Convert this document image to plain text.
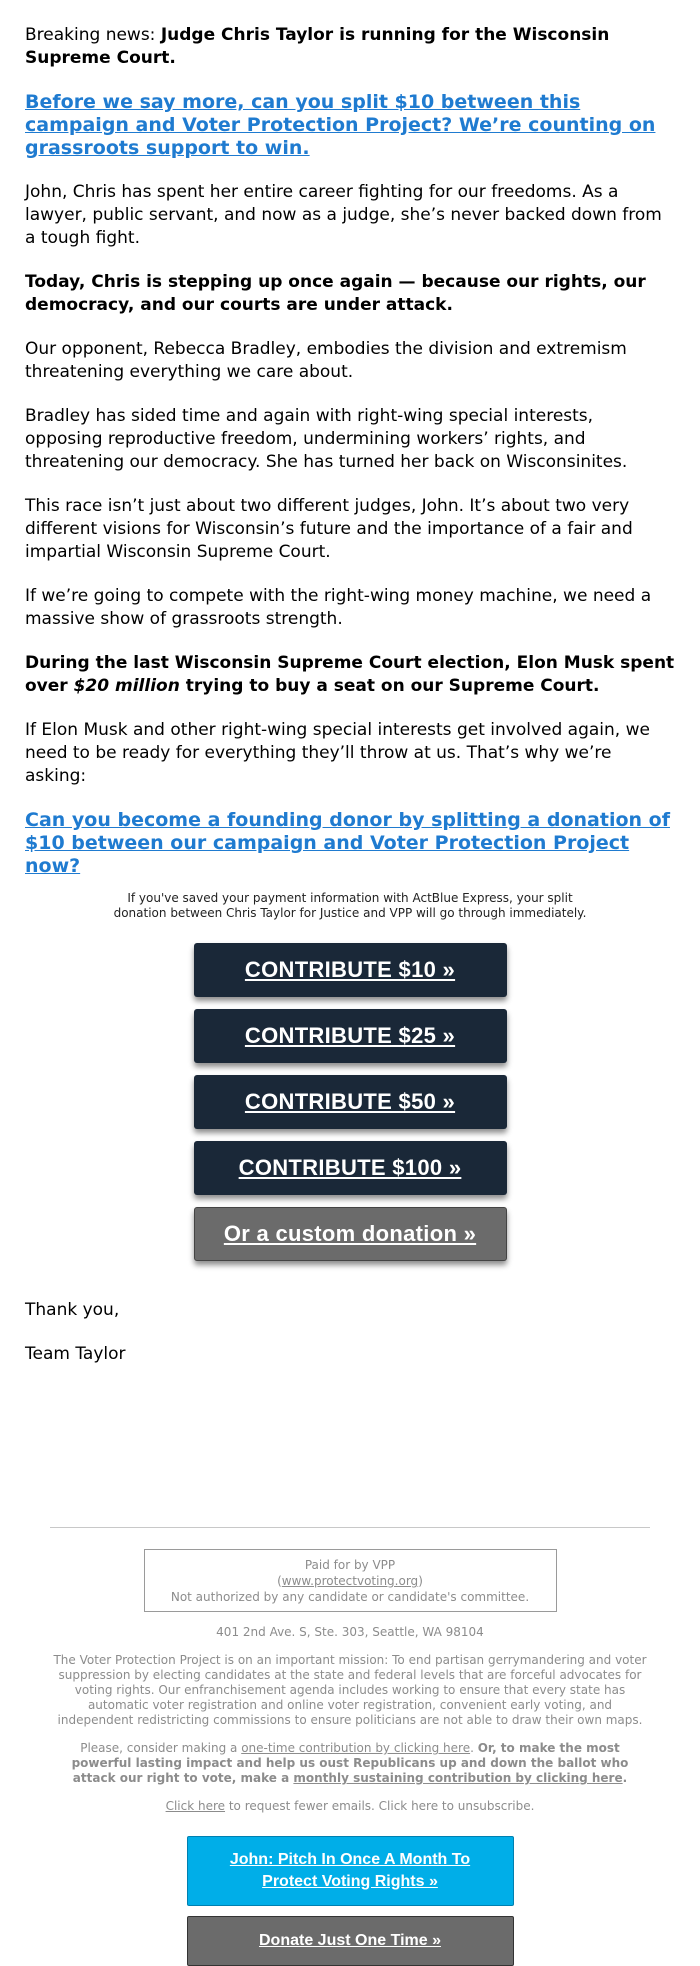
Breaking news: Judge Chris Taylor is running for the Wisconsin Supreme Court.

Before we say more, can you split $10 between this campaign and Voter Protection Project? We’re counting on grassroots support to win.

John, Chris has spent her entire career fighting for our freedoms. As a lawyer, public servant, and now as a judge, she’s never backed down from a tough fight.

Today, Chris is stepping up once again — because our rights, our democracy, and our courts are under attack.

Our opponent, Rebecca Bradley, embodies the division and extremism threatening everything we care about.

Bradley has sided time and again with right-wing special interests, opposing reproductive freedom, undermining workers’ rights, and threatening our democracy. She has turned her back on Wisconsinites.

This race isn’t just about two different judges, John. It’s about two very different visions for Wisconsin’s future and the importance of a fair and impartial Wisconsin Supreme Court.

If we’re going to compete with the right-wing money machine, we need a massive show of grassroots strength.

During the last Wisconsin Supreme Court election, Elon Musk spent over $20 million trying to buy a seat on our Supreme Court.

If Elon Musk and other right-wing special interests get involved again, we need to be ready for everything they’ll throw at us. That’s why we’re asking:

Can you become a founding donor by splitting a donation of $10 between our campaign and Voter Protection Project now?
If you've saved your payment information with ActBlue Express, your split
donation between Chris Taylor for Justice and VPP will go through immediately.
CONTRIBUTE $10 »
CONTRIBUTE $25 »
CONTRIBUTE $50 »
CONTRIBUTE $100 »
Or a custom donation »

Thank you,

Team Taylor

Paid for by VPP
(www.protectvoting.org)
Not authorized by any candidate or candidate's committee.

401 2nd Ave. S, Ste. 303, Seattle, WA 98104

The Voter Protection Project is on an important mission: To end partisan gerrymandering and voter suppression by electing candidates at the state and federal levels that are forceful advocates for voting rights. Our enfranchisement agenda includes working to ensure that every state has automatic voter registration and online voter registration, convenient early voting, and independent redistricting commissions to ensure politicians are not able to draw their own maps.

Please, consider making a one-time contribution by clicking here. Or, to make the most powerful lasting impact and help us oust Republicans up and down the ballot who attack our right to vote, make a monthly sustaining contribution by clicking here.

Click here to request fewer emails. Click here to unsubscribe.

John: Pitch In Once A Month To Protect Voting Rights »
Donate Just One Time »
